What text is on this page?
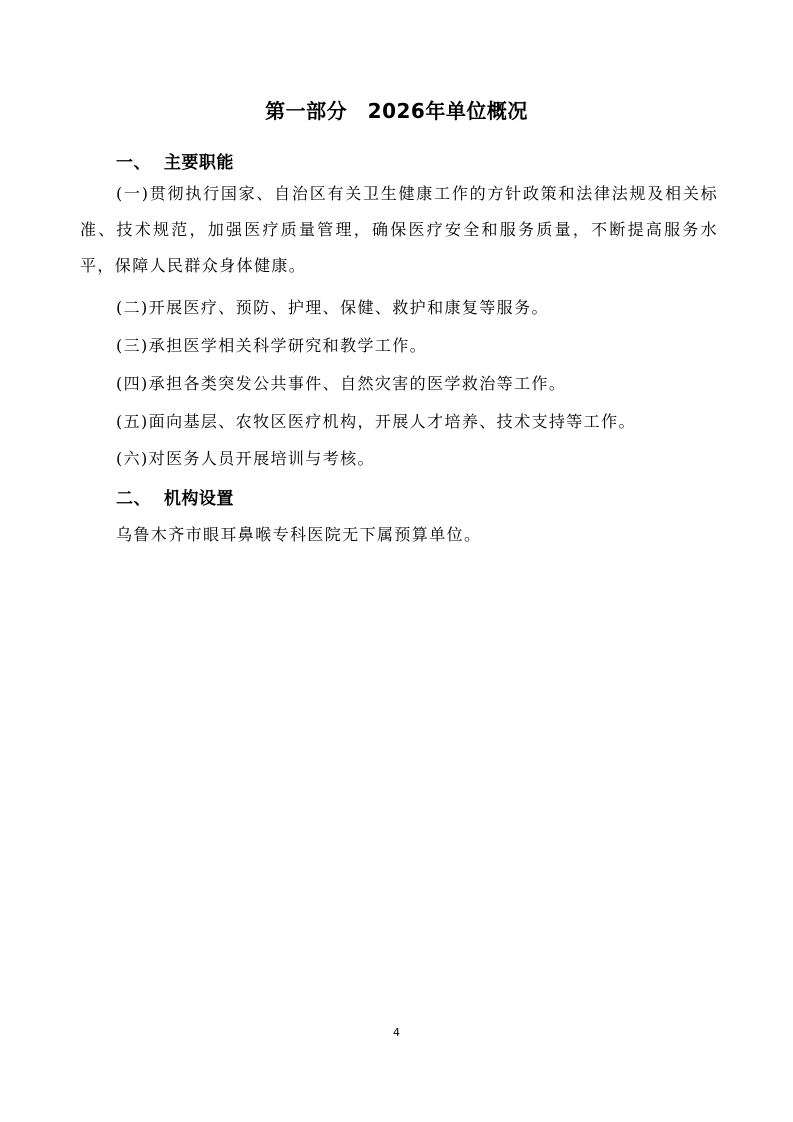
第一部分　2026年单位概况
一、  主要职能
(一)贯彻执行国家、自治区有关卫生健康工作的方针政策和法律法规及相关标准、技术规范，加强医疗质量管理，确保医疗安全和服务质量，不断提高服务水平，保障人民群众身体健康。
(二)开展医疗、预防、护理、保健、救护和康复等服务。
(三)承担医学相关科学研究和教学工作。
(四)承担各类突发公共事件、自然灾害的医学救治等工作。
(五)面向基层、农牧区医疗机构，开展人才培养、技术支持等工作。
(六)对医务人员开展培训与考核。
二、  机构设置
乌鲁木齐市眼耳鼻喉专科医院无下属预算单位。
4
